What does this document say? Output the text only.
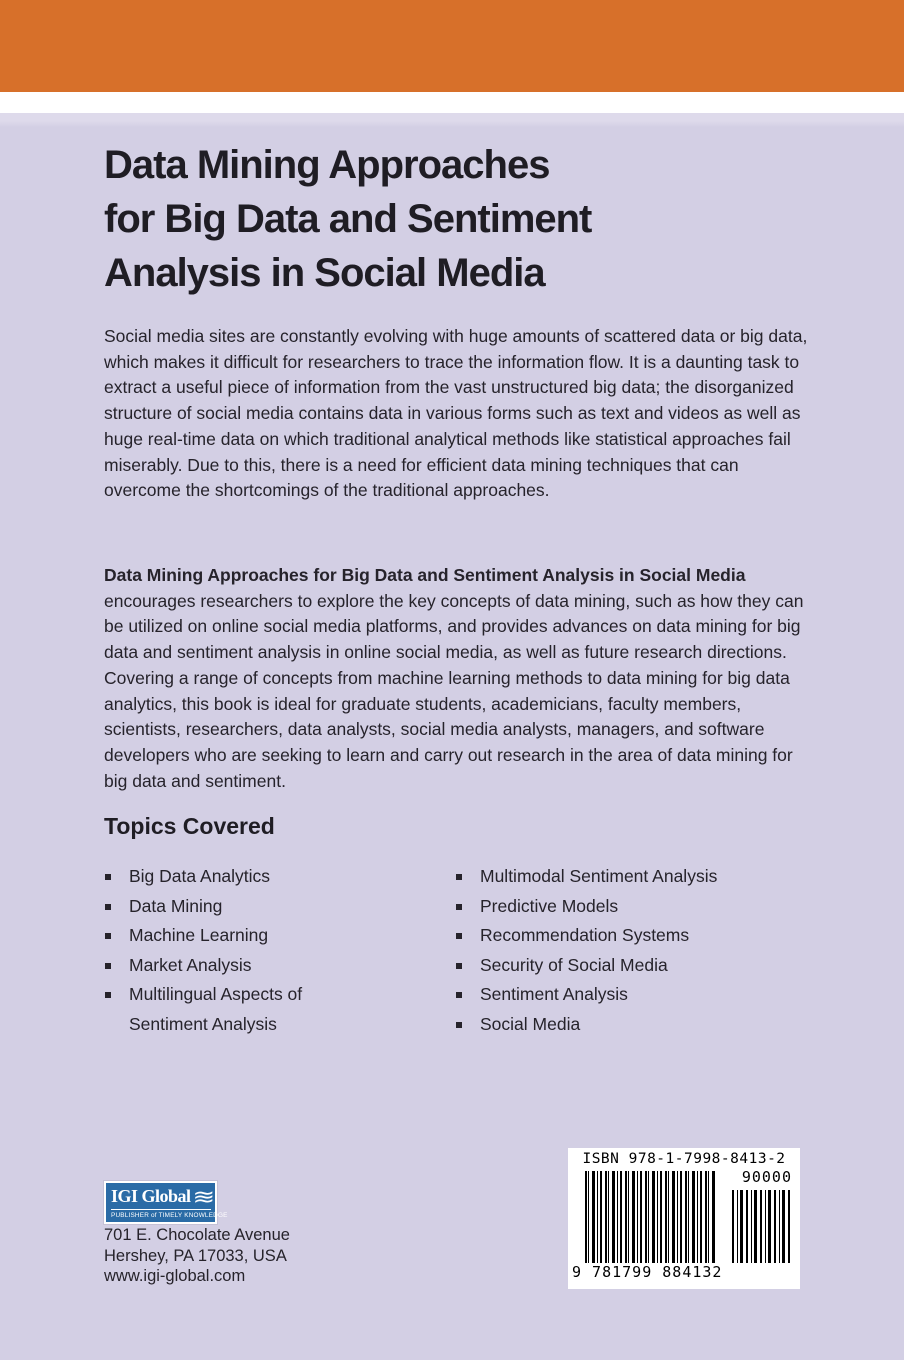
Data Mining Approaches
for Big Data and Sentiment
Analysis in Social Media

Social media sites are constantly evolving with huge amounts of scattered data or big data, which makes it difficult for researchers to trace the information flow. It is a daunting task to extract a useful piece of information from the vast unstructured big data; the disorganized structure of social media contains data in various forms such as text and videos as well as huge real-time data on which traditional analytical methods like statistical approaches fail miserably. Due to this, there is a need for efficient data mining techniques that can overcome the shortcomings of the traditional approaches.

Data Mining Approaches for Big Data and Sentiment Analysis in Social Media
encourages researchers to explore the key concepts of data mining, such as how they can be utilized on online social media platforms, and provides advances on data mining for big data and sentiment analysis in online social media, as well as future research directions. Covering a range of concepts from machine learning methods to data mining for big data analytics, this book is ideal for graduate students, academicians, faculty members, scientists, researchers, data analysts, social media analysts, managers, and software developers who are seeking to learn and carry out research in the area of data mining for big data and sentiment.

Topics Covered
Big Data Analytics
Data Mining
Machine Learning
Market Analysis
Multilingual Aspects of Sentiment Analysis
Multimodal Sentiment Analysis
Predictive Models
Recommendation Systems
Security of Social Media
Sentiment Analysis
Social Media
IGI Global ≋
PUBLISHER of TIMELY KNOWLEDGE
701 E. Chocolate Avenue
Hershey, PA 17033, USA
www.igi-global.com
ISBN 978-1-7998-8413-2
9 781799 884132
90000
